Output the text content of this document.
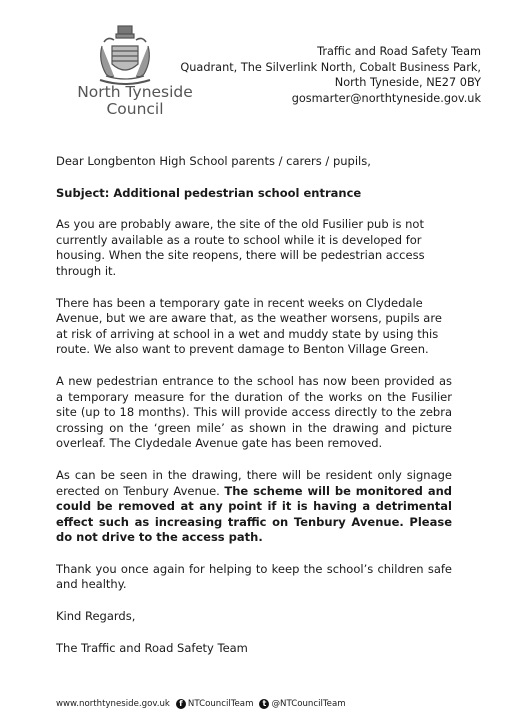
North Tyneside
Council
Traffic and Road Safety Team
Quadrant, The Silverlink North, Cobalt Business Park,
North Tyneside, NE27 0BY
gosmarter@northtyneside.gov.uk

Dear Longbenton High School parents / carers / pupils,

Subject: Additional pedestrian school entrance

As you are probably aware, the site of the old Fusilier pub is not currently available as a route to school while it is developed for housing. When the site reopens, there will be pedestrian access through it.

There has been a temporary gate in recent weeks on Clydedale Avenue, but we are aware that, as the weather worsens, pupils are at risk of arriving at school in a wet and muddy state by using this route. We also want to prevent damage to Benton Village Green.

A new pedestrian entrance to the school has now been provided as a temporary measure for the duration of the works on the Fusilier site (up to 18 months). This will provide access directly to the zebra crossing on the ‘green mile’ as shown in the drawing and picture overleaf. The Clydedale Avenue gate has been removed.

As can be seen in the drawing, there will be resident only signage erected on Tenbury Avenue. The scheme will be monitored and could be removed at any point if it is having a detrimental effect such as increasing traffic on Tenbury Avenue. Please do not drive to the access path.

Thank you once again for helping to keep the school’s children safe and healthy.

Kind Regards,

The Traffic and Road Safety Team

www.northtyneside.gov.uk	f NTCouncilTeam	t @NTCouncilTeam
